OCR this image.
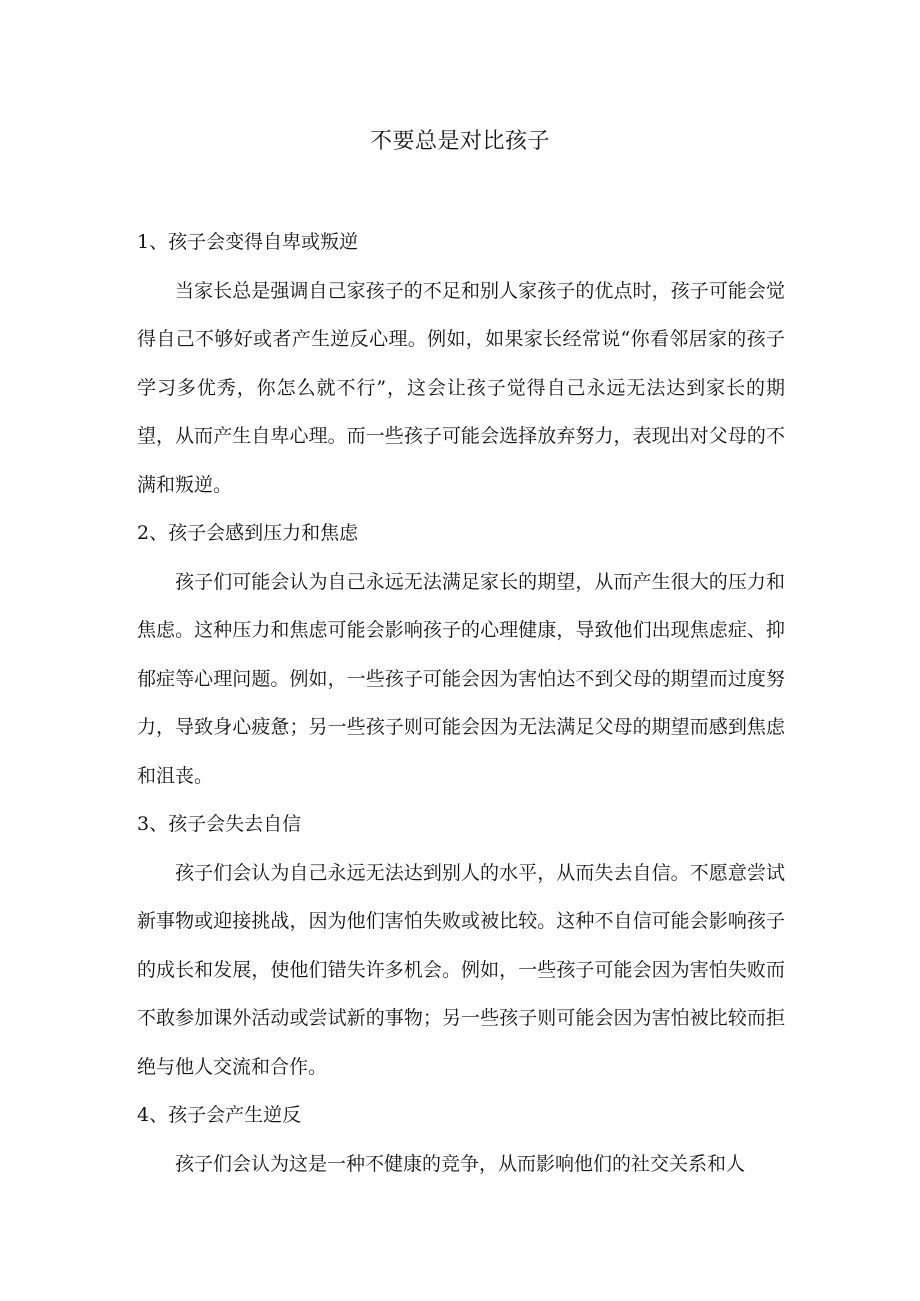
不要总是对比孩子

1、孩子会变得自卑或叛逆

当家长总是强调自己家孩子的不足和别人家孩子的优点时，孩子可能会觉得自己不够好或者产生逆反心理。例如，如果家长经常说“你看邻居家的孩子学习多优秀，你怎么就不行”，这会让孩子觉得自己永远无法达到家长的期望，从而产生自卑心理。而一些孩子可能会选择放弃努力，表现出对父母的不满和叛逆。

2、孩子会感到压力和焦虑

孩子们可能会认为自己永远无法满足家长的期望，从而产生很大的压力和焦虑。这种压力和焦虑可能会影响孩子的心理健康，导致他们出现焦虑症、抑郁症等心理问题。例如，一些孩子可能会因为害怕达不到父母的期望而过度努力，导致身心疲惫；另一些孩子则可能会因为无法满足父母的期望而感到焦虑和沮丧。

3、孩子会失去自信

孩子们会认为自己永远无法达到别人的水平，从而失去自信。不愿意尝试新事物或迎接挑战，因为他们害怕失败或被比较。这种不自信可能会影响孩子的成长和发展，使他们错失许多机会。例如，一些孩子可能会因为害怕失败而不敢参加课外活动或尝试新的事物；另一些孩子则可能会因为害怕被比较而拒绝与他人交流和合作。

4、孩子会产生逆反

孩子们会认为这是一种不健康的竞争，从而影响他们的社交关系和人
